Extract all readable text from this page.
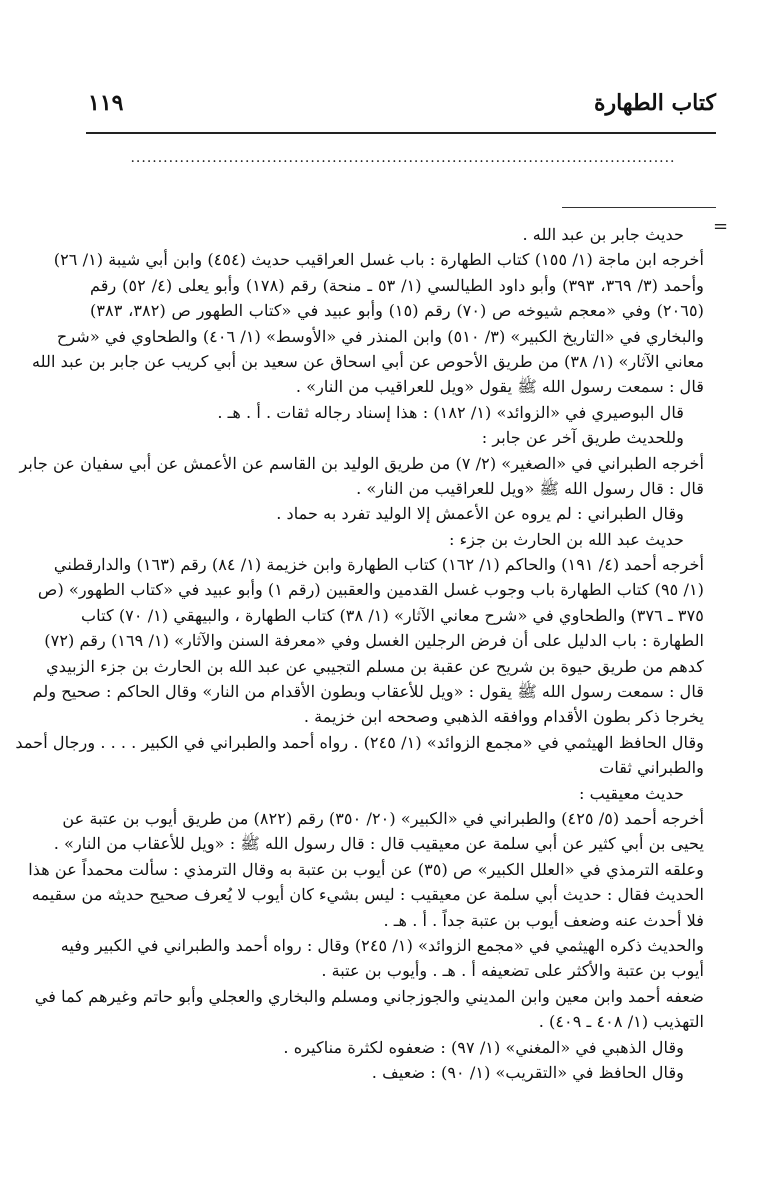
كتاب الطهارة
١١٩
....................................................................................................
=
حديث جابر بن عبد الله .
أخرجه ابن ماجة (١/ ١٥٥) كتاب الطهارة : باب غسل العراقيب حديث (٤٥٤) وابن أبي شيبة (١/ ٢٦)
وأحمد (٣/ ٣٦٩، ٣٩٣) وأبو داود الطيالسي (١/ ٥٣ ـ منحة) رقم (١٧٨) وأبو يعلى (٤/ ٥٢) رقم
(٢٠٦٥) وفي «معجم شيوخه ص (٧٠) رقم (١٥) وأبو عبيد في «كتاب الطهور ص (٣٨٢، ٣٨٣)
والبخاري في «التاريخ الكبير» (٣/ ٥١٠) وابن المنذر في «الأوسط» (١/ ٤٠٦) والطحاوي في «شرح
معاني الآثار» (١/ ٣٨) من طريق الأحوص عن أبي اسحاق عن سعيد بن أبي كريب عن جابر بن عبد الله
قال : سمعت رسول الله ﷺ يقول «ويل للعراقيب من النار» .
قال البوصيري في «الزوائد» (١/ ١٨٢) : هذا إسناد رجاله ثقات . أ . هـ .
وللحديث طريق آخر عن جابر :
أخرجه الطبراني في «الصغير» (٢/ ٧) من طريق الوليد بن القاسم عن الأعمش عن أبي سفيان عن جابر
قال : قال رسول الله ﷺ «ويل للعراقيب من النار» .
وقال الطبراني : لم يروه عن الأعمش إلا الوليد تفرد به حماد .
حديث عبد الله بن الحارث بن جزء :
أخرجه أحمد (٤/ ١٩١) والحاكم (١/ ١٦٢) كتاب الطهارة وابن خزيمة (١/ ٨٤) رقم (١٦٣) والدارقطني
(١/ ٩٥) كتاب الطهارة باب وجوب غسل القدمين والعقبين (رقم ١) وأبو عبيد في «كتاب الطهور» (ص
٣٧٥ ـ ٣٧٦) والطحاوي في «شرح معاني الآثار» (١/ ٣٨) كتاب الطهارة ، والبيهقي (١/ ٧٠) كتاب
الطهارة : باب الدليل على أن فرض الرجلين الغسل وفي «معرفة السنن والآثار» (١/ ١٦٩) رقم (٧٢)
كدهم من طريق حيوة بن شريح عن عقبة بن مسلم التجيبي عن عبد الله بن الحارث بن جزء الزبيدي
قال : سمعت رسول الله ﷺ يقول : «ويل للأعقاب وبطون الأقدام من النار» وقال الحاكم : صحيح ولم
يخرجا ذكر بطون الأقدام ووافقه الذهبي وصححه ابن خزيمة .
وقال الحافظ الهيثمي في «مجمع الزوائد» (١/ ٢٤٥) . رواه أحمد والطبراني في الكبير . . . . ورجال أحمد
والطبراني ثقات
حديث معيقيب :
أخرجه أحمد (٥/ ٤٢٥) والطبراني في «الكبير» (٢٠/ ٣٥٠) رقم (٨٢٢) من طريق أيوب بن عتبة عن
يحيى بن أبي كثير عن أبي سلمة عن معيقيب قال : قال رسول الله ﷺ : «ويل للأعقاب من النار» .
وعلقه الترمذي في «العلل الكبير» ص (٣٥) عن أيوب بن عتبة به وقال الترمذي : سألت محمداً عن هذا
الحديث فقال : حديث أبي سلمة عن معيقيب : ليس بشيء كان أيوب لا يُعرف صحيح حديثه من سقيمه
فلا أحدث عنه وضعف أيوب بن عتبة جداً . أ . هـ .
والحديث ذكره الهيثمي في «مجمع الزوائد» (١/ ٢٤٥) وقال : رواه أحمد والطبراني في الكبير وفيه
أيوب بن عتبة والأكثر على تضعيفه أ . هـ . وأيوب بن عتبة .
ضعفه أحمد وابن معين وابن المديني والجوزجاني ومسلم والبخاري والعجلي وأبو حاتم وغيرهم كما في
التهذيب (١/ ٤٠٨ ـ ٤٠٩) .
وقال الذهبي في «المغني» (١/ ٩٧) : ضعفوه لكثرة مناكيره .
وقال الحافظ في «التقريب» (١/ ٩٠) : ضعيف .
